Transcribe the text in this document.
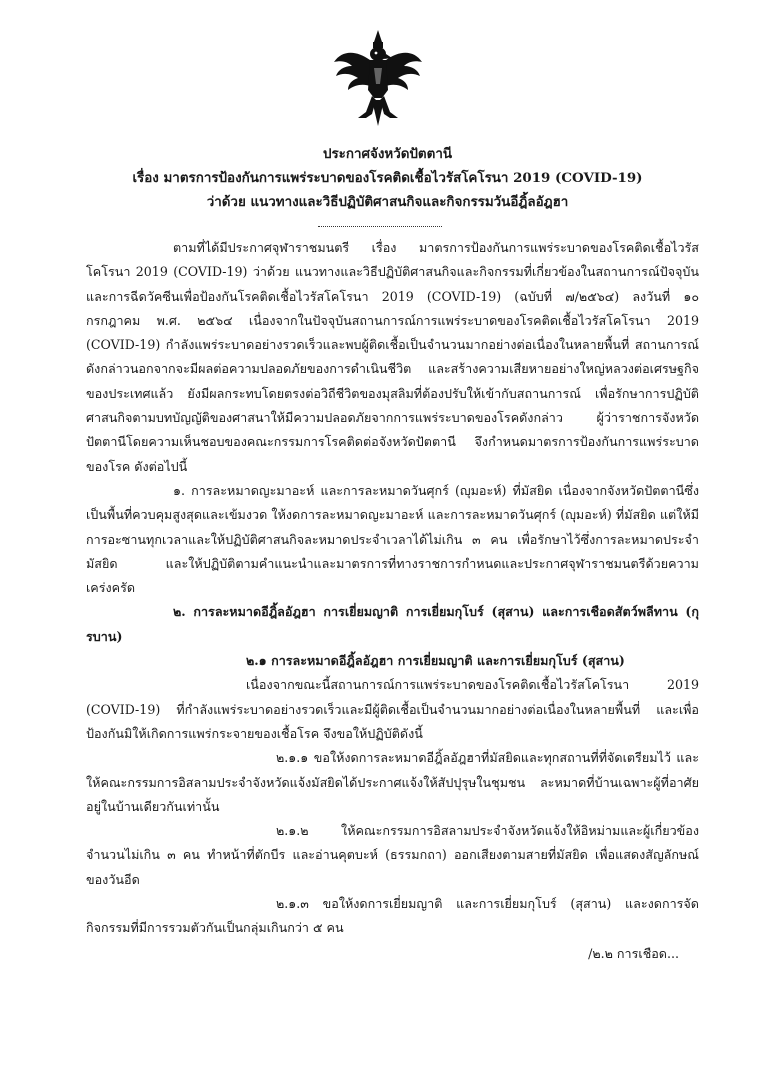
ประกาศจังหวัดปัตตานี
เรื่อง มาตรการป้องกันการแพร่ระบาดของโรคติดเชื้อไวรัสโคโรนา 2019 (COVID-19)
ว่าด้วย แนวทางและวิธีปฏิบัติศาสนกิจและกิจกรรมวันอีฎิ้ลอัฎฮา

ตามที่ได้มีประกาศจุฬาราชมนตรี เรื่อง มาตรการป้องกันการแพร่ระบาดของโรคติดเชื้อไวรัสโคโรนา 2019 (COVID-19) ว่าด้วย แนวทางและวิธีปฏิบัติศาสนกิจและกิจกรรมที่เกี่ยวข้องในสถานการณ์ปัจจุบันและการฉีดวัคซีนเพื่อป้องกันโรคติดเชื้อไวรัสโคโรนา 2019 (COVID-19) (ฉบับที่ ๗/๒๕๖๔) ลงวันที่ ๑๐ กรกฎาคม พ.ศ. ๒๕๖๔ เนื่องจากในปัจจุบันสถานการณ์การแพร่ระบาดของโรคติดเชื้อไวรัสโคโรนา 2019 (COVID-19) กำลังแพร่ระบาดอย่างรวดเร็วและพบผู้ติดเชื้อเป็นจำนวนมากอย่างต่อเนื่องในหลายพื้นที่ สถานการณ์ดังกล่าวนอกจากจะมีผลต่อความปลอดภัยของการดำเนินชีวิต และสร้างความเสียหายอย่างใหญ่หลวงต่อเศรษฐกิจของประเทศแล้ว ยังมีผลกระทบโดยตรงต่อวิถีชีวิตของมุสลิมที่ต้องปรับให้เข้ากับสถานการณ์ เพื่อรักษาการปฏิบัติศาสนกิจตามบทบัญญัติของศาสนาให้มีความปลอดภัยจากการแพร่ระบาดของโรคดังกล่าว ผู้ว่าราชการจังหวัดปัตตานีโดยความเห็นชอบของคณะกรรมการโรคติดต่อจังหวัดปัตตานี จึงกำหนดมาตรการป้องกันการแพร่ระบาดของโรค ดังต่อไปนี้

๑. การละหมาดญะมาอะห์ และการละหมาดวันศุกร์ (ญุมอะห์) ที่มัสยิด เนื่องจากจังหวัดปัตตานีซึ่งเป็นพื้นที่ควบคุมสูงสุดและเข้มงวด ให้งดการละหมาดญะมาอะห์ และการละหมาดวันศุกร์ (ญุมอะห์) ที่มัสยิด แต่ให้มีการอะซานทุกเวลาและให้ปฏิบัติศาสนกิจละหมาดประจำเวลาได้ไม่เกิน ๓ คน เพื่อรักษาไว้ซึ่งการละหมาดประจำมัสยิด และให้ปฏิบัติตามคำแนะนำและมาตรการที่ทางราชการกำหนดและประกาศจุฬาราชมนตรีด้วยความเคร่งครัด

๒. การละหมาดอีฎิ้ลอัฎฮา การเยี่ยมญาติ การเยี่ยมกุโบร์ (สุสาน) และการเชือดสัตว์พลีทาน (กุรบาน)

๒.๑ การละหมาดอีฎิ้ลอัฎฮา การเยี่ยมญาติ และการเยี่ยมกุโบร์ (สุสาน)

เนื่องจากขณะนี้สถานการณ์การแพร่ระบาดของโรคติดเชื้อไวรัสโคโรนา 2019 (COVID-19) ที่กำลังแพร่ระบาดอย่างรวดเร็วและมีผู้ติดเชื้อเป็นจำนวนมากอย่างต่อเนื่องในหลายพื้นที่ และเพื่อป้องกันมิให้เกิดการแพร่กระจายของเชื้อโรค จึงขอให้ปฏิบัติดังนี้

๒.๑.๑ ขอให้งดการละหมาดอีฎิ้ลอัฎฮาที่มัสยิดและทุกสถานที่ที่จัดเตรียมไว้ และให้คณะกรรมการอิสลามประจำจังหวัดแจ้งมัสยิดได้ประกาศแจ้งให้สัปปุรุษในชุมชน ละหมาดที่บ้านเฉพาะผู้ที่อาศัยอยู่ในบ้านเดียวกันเท่านั้น

๒.๑.๒ ให้คณะกรรมการอิสลามประจำจังหวัดแจ้งให้อิหม่ามและผู้เกี่ยวข้อง จำนวนไม่เกิน ๓ คน ทำหน้าที่ตักบีร และอ่านคุตบะห์ (ธรรมกถา) ออกเสียงตามสายที่มัสยิด เพื่อแสดงสัญลักษณ์ของวันอีด

๒.๑.๓ ขอให้งดการเยี่ยมญาติ และการเยี่ยมกุโบร์ (สุสาน) และงดการจัดกิจกรรมที่มีการรวมตัวกันเป็นกลุ่มเกินกว่า ๕ คน

/๒.๒ การเชือด...
